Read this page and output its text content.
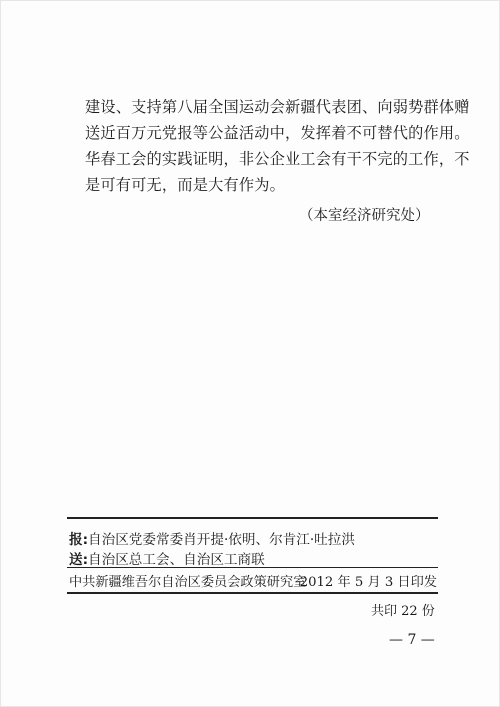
建设、支持第八届全国运动会新疆代表团、向弱势群体赠
送近百万元党报等公益活动中，发挥着不可替代的作用。
华春工会的实践证明，非公企业工会有干不完的工作，不
是可有可无，而是大有作为。
（本室经济研究处）
报:自治区党委常委肖开提·依明、尔肯江·吐拉洪
送:自治区总工会、自治区工商联
中共新疆维吾尔自治区委员会政策研究室
2012 年 5 月 3 日印发
共印 22 份
— 7 —
